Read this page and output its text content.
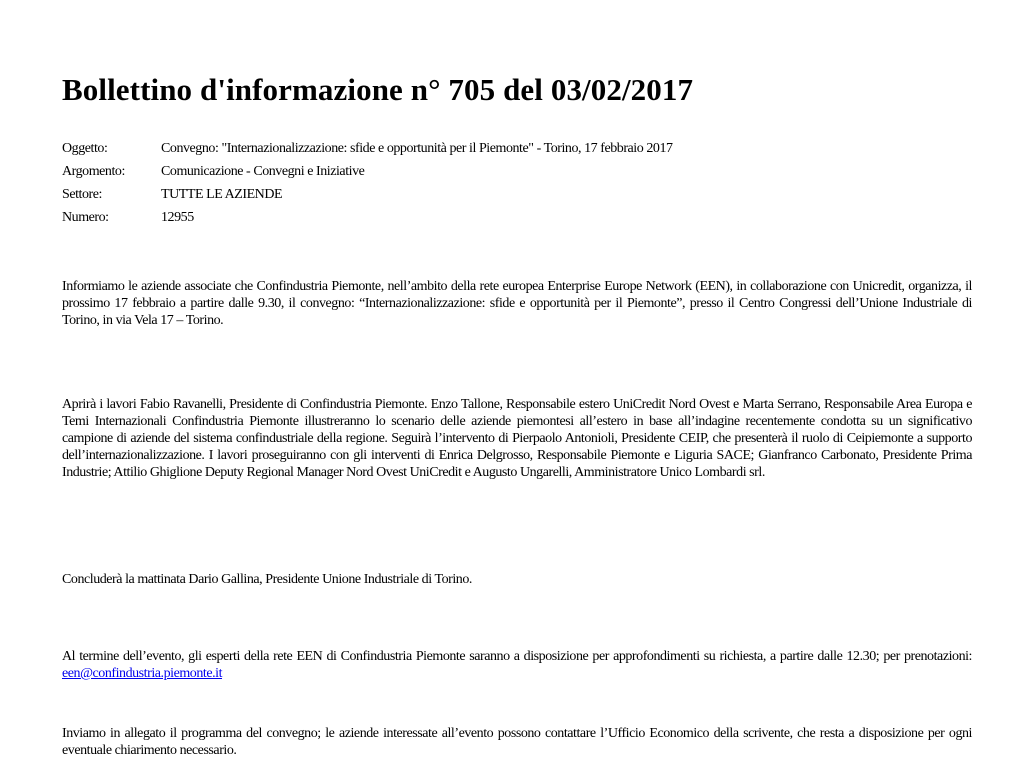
Bollettino d'informazione n° 705 del 03/02/2017
Oggetto:	Convegno: "Internazionalizzazione: sfide e opportunità per il Piemonte" - Torino, 17 febbraio 2017
Argomento:	Comunicazione - Convegni e Iniziative
Settore:	TUTTE LE AZIENDE
Numero:	12955

Informiamo le aziende associate che Confindustria Piemonte, nell’ambito della rete europea Enterprise Europe Network (EEN), in collaborazione con Unicredit, organizza, il prossimo 17 febbraio a partire dalle 9.30, il convegno: “Internazionalizzazione: sfide e opportunità per il Piemonte”, presso il Centro Congressi dell’Unione Industriale di Torino, in via Vela 17 – Torino.

Aprirà i lavori Fabio Ravanelli, Presidente di Confindustria Piemonte. Enzo Tallone, Responsabile estero UniCredit Nord Ovest e Marta Serrano, Responsabile Area Europa e Temi Internazionali Confindustria Piemonte illustreranno lo scenario delle aziende piemontesi all’estero in base all’indagine recentemente condotta su un significativo campione di aziende del sistema confindustriale della regione. Seguirà l’intervento di Pierpaolo Antonioli, Presidente CEIP, che presenterà il ruolo di Ceipiemonte a supporto dell’internazionalizzazione. I lavori proseguiranno con gli interventi di Enrica Delgrosso, Responsabile Piemonte e Liguria SACE; Gianfranco Carbonato, Presidente Prima Industrie; Attilio Ghiglione Deputy Regional Manager Nord Ovest UniCredit e Augusto Ungarelli, Amministratore Unico Lombardi srl.

Concluderà la mattinata Dario Gallina, Presidente Unione Industriale di Torino.

Al termine dell’evento, gli esperti della rete EEN di Confindustria Piemonte saranno a disposizione per approfondimenti su richiesta, a partire dalle 12.30; per prenotazioni: een@confindustria.piemonte.it

Inviamo in allegato il programma del convegno; le aziende interessate all’evento possono contattare l’Ufficio Economico della scrivente, che resta a disposizione per ogni eventuale chiarimento necessario.
